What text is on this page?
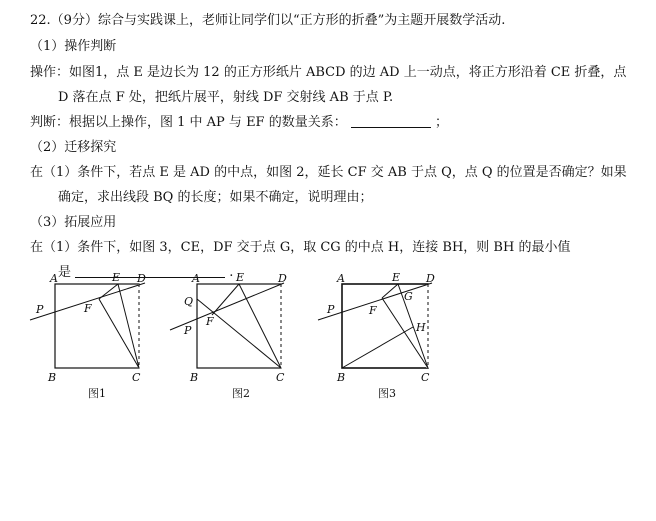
22.（9分）综合与实践课上，老师让同学们以“正方形的折叠”为主题开展数学活动.
（1）操作判断
操作：如图1，点 E 是边长为 12 的正方形纸片 ABCD 的边 AD 上一动点，将正方形沿着 CE 折叠，点
D 落在点 F 处，把纸片展平，射线 DF 交射线 AB 于点 P.
判断：根据以上操作，图 1 中 AP 与 EF 的数量关系：	；
（2）迁移探究
在（1）条件下，若点 E 是 AD 的中点，如图 2，延长 CF 交 AB 于点 Q，点 Q 的位置是否确定？如果
确定，求出线段 BQ 的长度；如果不确定，说明理由；
（3）拓展应用
在（1）条件下，如图 3，CE，DF 交于点 G，取 CG 的中点 H，连接 BH，则 BH 的最小值
是	.
A	E D
P	F
B	C
图1
A	E	D
Q
F
P
B	C
图2
A	E D
G
P	F
H
B	C
图3
